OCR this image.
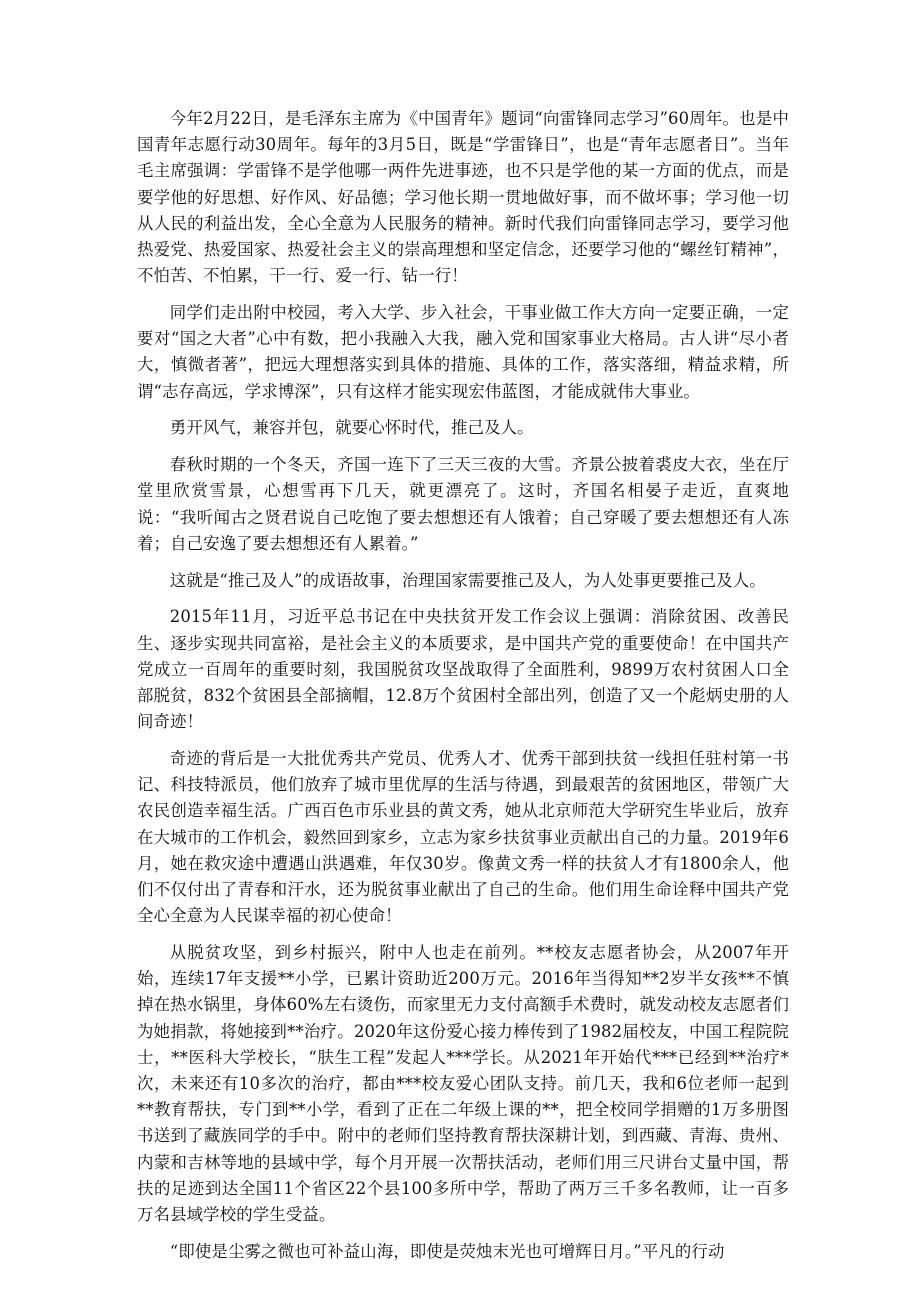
今年2月22日，是毛泽东主席为《中国青年》题词“向雷锋同志学习”60周年。也是中国青年志愿行动30周年。每年的3月5日，既是“学雷锋日”，也是“青年志愿者日”。当年毛主席强调：学雷锋不是学他哪一两件先进事迹，也不只是学他的某一方面的优点，而是要学他的好思想、好作风、好品德；学习他长期一贯地做好事，而不做坏事；学习他一切从人民的利益出发，全心全意为人民服务的精神。新时代我们向雷锋同志学习，要学习他热爱党、热爱国家、热爱社会主义的崇高理想和坚定信念，还要学习他的“螺丝钉精神”，不怕苦、不怕累，干一行、爱一行、钻一行！

同学们走出附中校园，考入大学、步入社会，干事业做工作大方向一定要正确，一定要对“国之大者”心中有数，把小我融入大我，融入党和国家事业大格局。古人讲“尽小者大，慎微者著”，把远大理想落实到具体的措施、具体的工作，落实落细，精益求精，所谓“志存高远，学求博深”，只有这样才能实现宏伟蓝图，才能成就伟大事业。

勇开风气，兼容并包，就要心怀时代，推己及人。

春秋时期的一个冬天，齐国一连下了三天三夜的大雪。齐景公披着裘皮大衣，坐在厅堂里欣赏雪景，心想雪再下几天，就更漂亮了。这时，齐国名相晏子走近，直爽地说：“我听闻古之贤君说自己吃饱了要去想想还有人饿着；自己穿暖了要去想想还有人冻着；自己安逸了要去想想还有人累着。”

这就是“推己及人”的成语故事，治理国家需要推己及人，为人处事更要推己及人。

2015年11月，习近平总书记在中央扶贫开发工作会议上强调：消除贫困、改善民生、逐步实现共同富裕，是社会主义的本质要求，是中国共产党的重要使命！在中国共产党成立一百周年的重要时刻，我国脱贫攻坚战取得了全面胜利，9899万农村贫困人口全部脱贫，832个贫困县全部摘帽，12.8万个贫困村全部出列，创造了又一个彪炳史册的人间奇迹！

奇迹的背后是一大批优秀共产党员、优秀人才、优秀干部到扶贫一线担任驻村第一书记、科技特派员，他们放弃了城市里优厚的生活与待遇，到最艰苦的贫困地区，带领广大农民创造幸福生活。广西百色市乐业县的黄文秀，她从北京师范大学研究生毕业后，放弃在大城市的工作机会，毅然回到家乡，立志为家乡扶贫事业贡献出自己的力量。2019年6月，她在救灾途中遭遇山洪遇难，年仅30岁。像黄文秀一样的扶贫人才有1800余人，他们不仅付出了青春和汗水，还为脱贫事业献出了自己的生命。他们用生命诠释中国共产党全心全意为人民谋幸福的初心使命！

从脱贫攻坚，到乡村振兴，附中人也走在前列。**校友志愿者协会，从2007年开始，连续17年支援**小学，已累计资助近200万元。2016年当得知**2岁半女孩**不慎掉在热水锅里，身体60%左右烫伤，而家里无力支付高额手术费时，就发动校友志愿者们为她捐款，将她接到**治疗。2020年这份爱心接力棒传到了1982届校友，中国工程院院士，**医科大学校长，“肤生工程”发起人***学长。从2021年开始代***已经到**治疗*次，未来还有10多次的治疗，都由***校友爱心团队支持。前几天，我和6位老师一起到**教育帮扶，专门到**小学，看到了正在二年级上课的**，把全校同学捐赠的1万多册图书送到了藏族同学的手中。附中的老师们坚持教育帮扶深耕计划，到西藏、青海、贵州、内蒙和吉林等地的县域中学，每个月开展一次帮扶活动，老师们用三尺讲台丈量中国，帮扶的足迹到达全国11个省区22个县100多所中学，帮助了两万三千多名教师，让一百多万名县域学校的学生受益。

“即使是尘雾之微也可补益山海，即使是荧烛末光也可增辉日月。”平凡的行动
